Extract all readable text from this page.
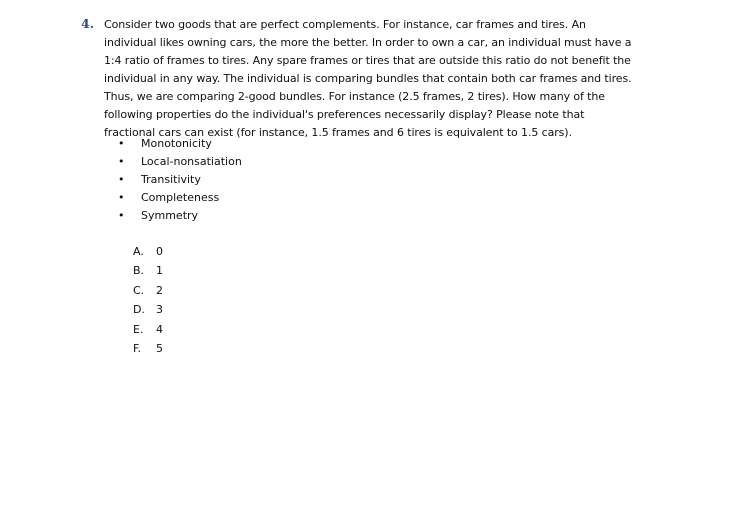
4. Consider two goods that are perfect complements. For instance, car frames and tires. An
individual likes owning cars, the more the better. In order to own a car, an individual must have a
1:4 ratio of frames to tires. Any spare frames or tires that are outside this ratio do not benefit the
individual in any way. The individual is comparing bundles that contain both car frames and tires.
Thus, we are comparing 2-good bundles. For instance (2.5 frames, 2 tires). How many of the
following properties do the individual's preferences necessarily display? Please note that
fractional cars can exist (for instance, 1.5 frames and 6 tires is equivalent to 1.5 cars).
• Monotonicity
• Local-nonsatiation
• Transitivity
• Completeness
• Symmetry
A. 0
B. 1
C. 2
D. 3
E. 4
F. 5
